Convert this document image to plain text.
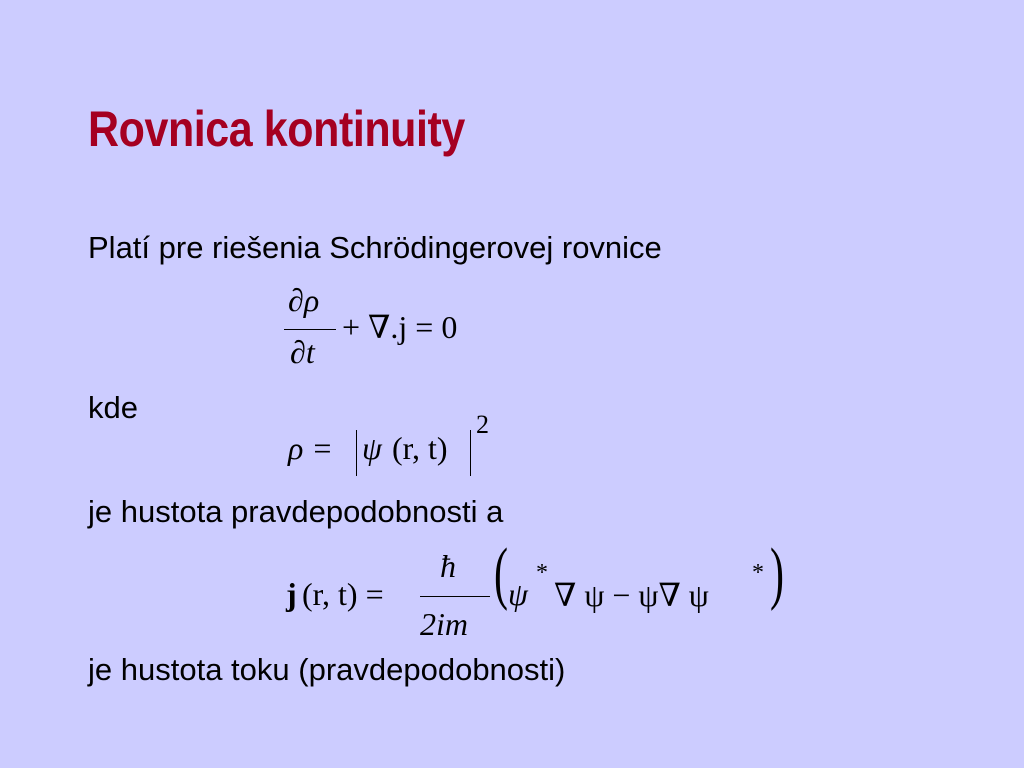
Rovnica kontinuity
Platí pre riešenia Schrödingerovej rovnice
∂ρ
∂t
+ ∇.j = 0
kde
ρ = ψ (r, t)
2
je hustota pravdepodobnosti a
j (r, t) =
ħ
2im
( ψ
*
∇ ψ − ψ∇ ψ
* )
je hustota toku (pravdepodobnosti)
